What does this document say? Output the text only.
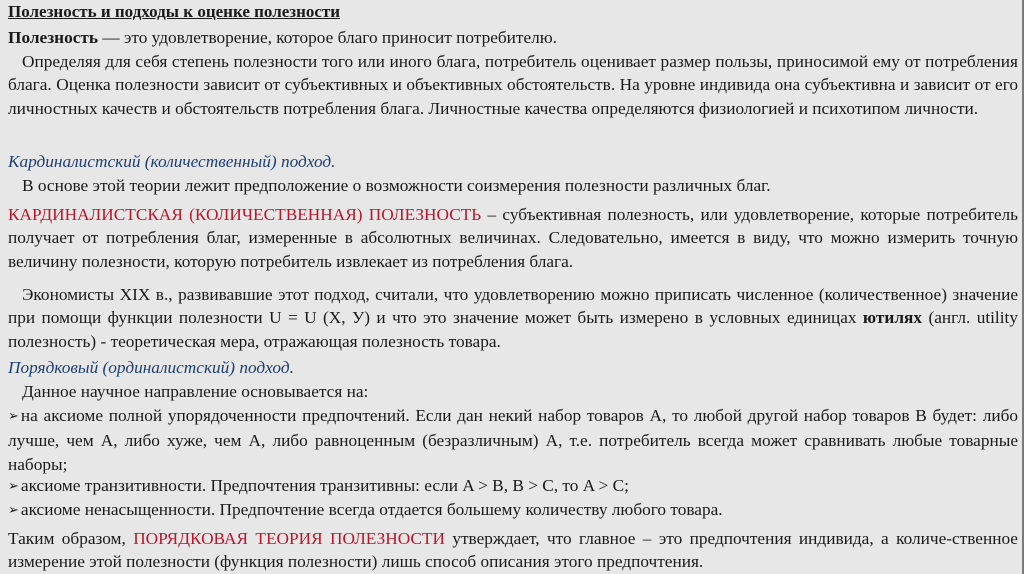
Полезность и подходы к оценке полезности
Полезность — это удовлетворение, которое благо приносит потребителю.
Определяя для себя степень полезности того или иного блага, потребитель оценивает размер пользы, приносимой ему от потребления блага. Оценка полезности зависит от субъективных и объективных обстоятельств. На уровне индивида она субъективна и зависит от его личностных качеств и обстоятельств потребления блага. Личностные качества определяются физиологией и психотипом личности.
Кардиналистский (количественный) подход.
В основе этой теории лежит предположение о возможности соизмерения полезности различных благ.
КАРДИНАЛИСТСКАЯ (КОЛИЧЕСТВЕННАЯ) ПОЛЕЗНОСТЬ – субъективная полезность, или удовлетворение, которые потребитель получает от потребления благ, измеренные в абсолютных величинах. Следовательно, имеется в виду, что можно измерить точную величину полезности, которую потребитель извлекает из потребления блага.
Экономисты XIX в., развивавшие этот подход, считали, что удовлетворению можно приписать численное (количественное) значение при помощи функции полезности U = U (X, У) и что это значение может быть измерено в условных единицах ютилях (англ. utility полезность) - теоретическая мера, отражающая полезность товара.
Порядковый (ординалистский) подход.
Данное научное направление основывается на:
➢ на аксиоме полной упорядоченности предпочтений. Если дан некий набор товаров А, то любой другой набор товаров В будет: либо лучше, чем А, либо хуже, чем А, либо равноценным (безразличным) А, т.е. потребитель всегда может сравнивать любые товарные наборы;
➢ аксиоме транзитивности. Предпочтения транзитивны: если A > B, B > C, то A > C;
➢ аксиоме ненасыщенности. Предпочтение всегда отдается большему количеству любого товара.
Таким образом, ПОРЯДКОВАЯ ТЕОРИЯ ПОЛЕЗНОСТИ утверждает, что главное – это предпочтения индивида, а количе-ственное измерение этой полезности (функция полезности) лишь способ описания этого предпочтения.
